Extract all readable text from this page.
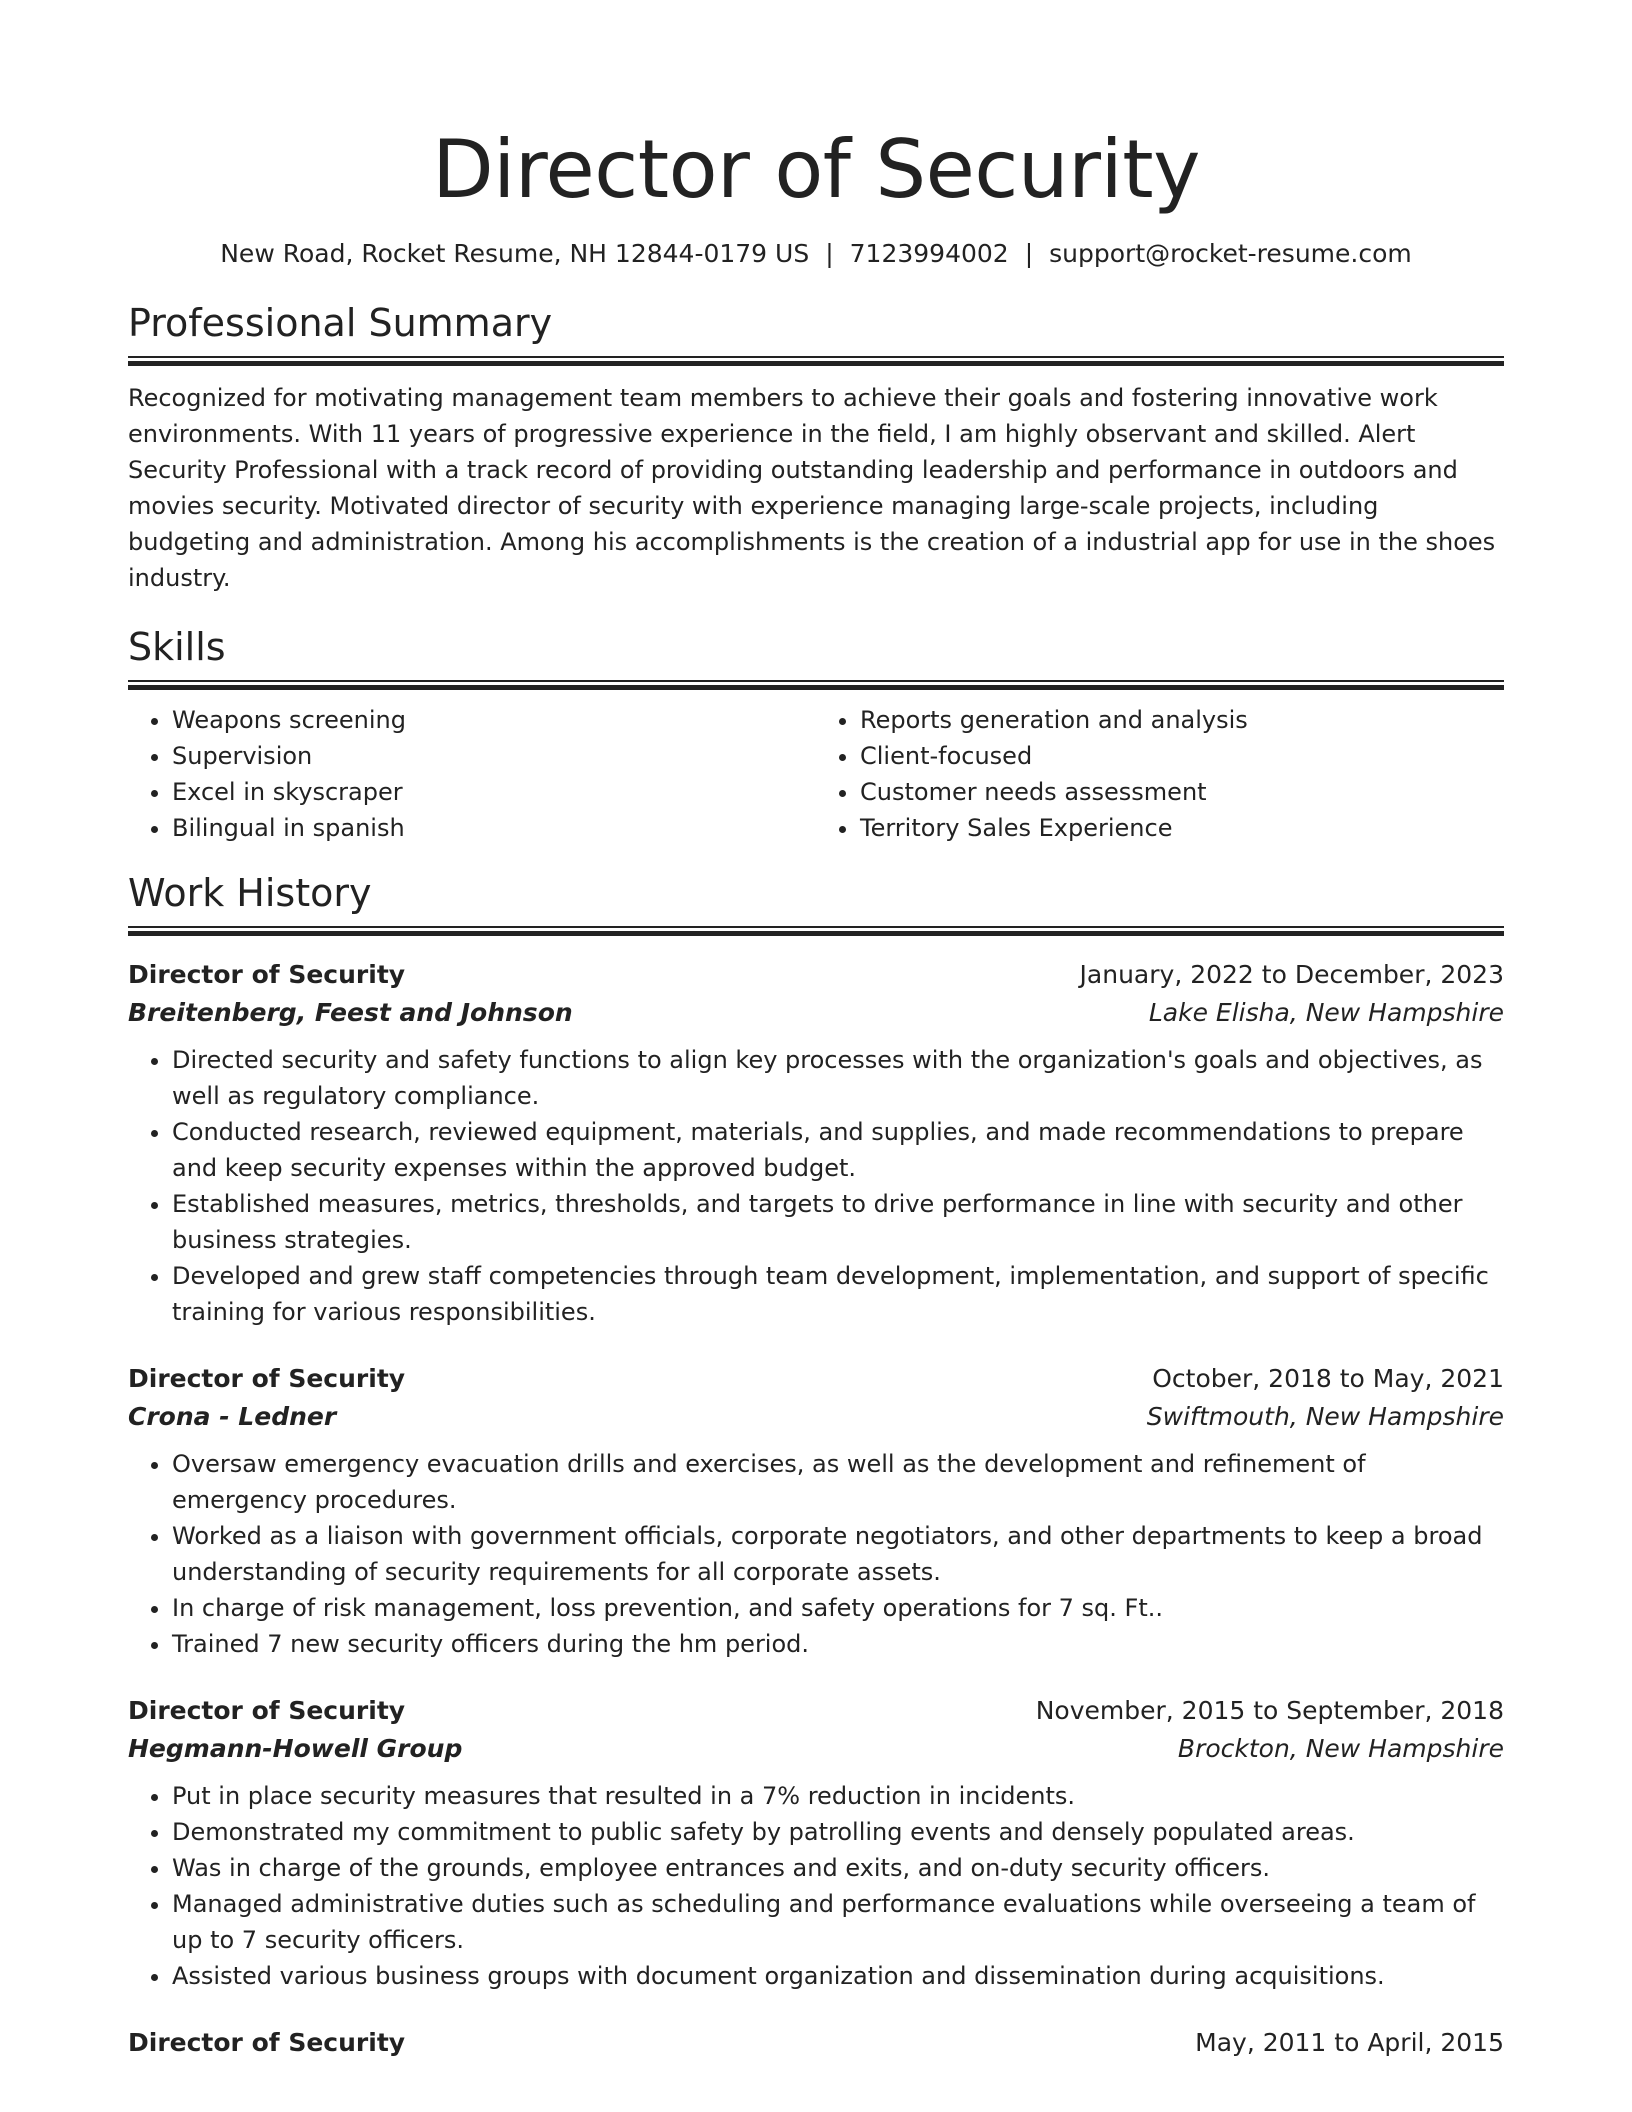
Director of Security
New Road, Rocket Resume, NH 12844-0179 US | 7123994002 | support@rocket-resume.com
Professional Summary

Recognized for motivating management team members to achieve their goals and fostering innovative work environments. With 11 years of progressive experience in the field, I am highly observant and skilled. Alert Security Professional with a track record of providing outstanding leadership and performance in outdoors and movies security. Motivated director of security with experience managing large-scale projects, including budgeting and administration. Among his accomplishments is the creation of a industrial app for use in the shoes industry.

Skills
• Weapons screening
• Supervision
• Excel in skyscraper
• Bilingual in spanish
• Reports generation and analysis
• Client-focused
• Customer needs assessment
• Territory Sales Experience
Work History
Director of Security	January, 2022 to December, 2023
Breitenberg, Feest and Johnson	Lake Elisha, New Hampshire
• Directed security and safety functions to align key processes with the organization's goals and objectives, as well as regulatory compliance.
• Conducted research, reviewed equipment, materials, and supplies, and made recommendations to prepare and keep security expenses within the approved budget.
• Established measures, metrics, thresholds, and targets to drive performance in line with security and other business strategies.
• Developed and grew staff competencies through team development, implementation, and support of specific training for various responsibilities.
Director of Security	October, 2018 to May, 2021
Crona - Ledner	Swiftmouth, New Hampshire
• Oversaw emergency evacuation drills and exercises, as well as the development and refinement of emergency procedures.
• Worked as a liaison with government officials, corporate negotiators, and other departments to keep a broad understanding of security requirements for all corporate assets.
• In charge of risk management, loss prevention, and safety operations for 7 sq. Ft..
• Trained 7 new security officers during the hm period.
Director of Security	November, 2015 to September, 2018
Hegmann-Howell Group	Brockton, New Hampshire
• Put in place security measures that resulted in a 7% reduction in incidents.
• Demonstrated my commitment to public safety by patrolling events and densely populated areas.
• Was in charge of the grounds, employee entrances and exits, and on-duty security officers.
• Managed administrative duties such as scheduling and performance evaluations while overseeing a team of up to 7 security officers.
• Assisted various business groups with document organization and dissemination during acquisitions.
Director of Security	May, 2011 to April, 2015
